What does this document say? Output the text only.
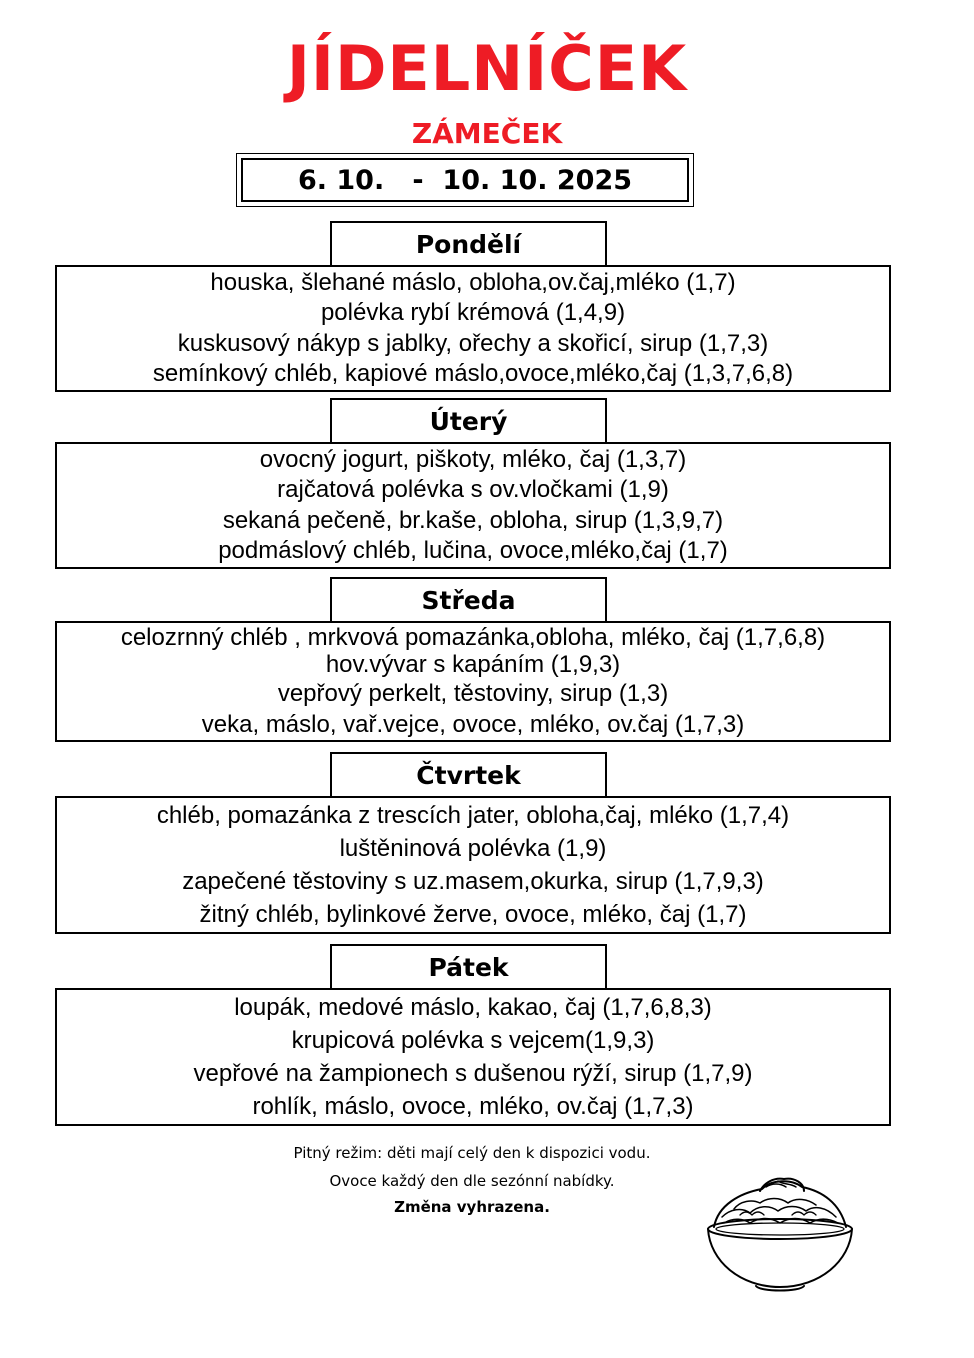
JÍDELNÍČEK
ZÁMEČEK
6. 10.   -  10. 10. 2025
Pondělí
houska, šlehané máslo, obloha,ov.čaj,mléko (1,7)
polévka rybí krémová (1,4,9)
kuskusový nákyp s jablky, ořechy a skořicí, sirup (1,7,3)
semínkový chléb, kapiové máslo,ovoce,mléko,čaj (1,3,7,6,8)
Úterý
ovocný jogurt, piškoty, mléko, čaj (1,3,7)
rajčatová polévka s ov.vločkami (1,9)
sekaná pečeně, br.kaše, obloha, sirup (1,3,9,7)
podmáslový chléb, lučina, ovoce,mléko,čaj (1,7)
Středa
celozrnný chléb , mrkvová pomazánka,obloha, mléko, čaj (1,7,6,8)
hov.vývar s kapáním (1,9,3)
vepřový perkelt, těstoviny, sirup (1,3)
veka, máslo, vař.vejce, ovoce, mléko, ov.čaj (1,7,3)
Čtvrtek
chléb, pomazánka z trescích jater, obloha,čaj, mléko (1,7,4)
luštěninová polévka (1,9)
zapečené těstoviny s uz.masem,okurka, sirup (1,7,9,3)
žitný chléb, bylinkové žerve, ovoce, mléko, čaj (1,7)
Pátek
loupák, medové máslo, kakao, čaj (1,7,6,8,3)
krupicová polévka s vejcem(1,9,3)
vepřové na žampionech s dušenou rýží, sirup (1,7,9)
rohlík, máslo, ovoce, mléko, ov.čaj (1,7,3)
Pitný režim: děti mají celý den k dispozici vodu.
Ovoce každý den dle sezónní nabídky.
Změna vyhrazena.
